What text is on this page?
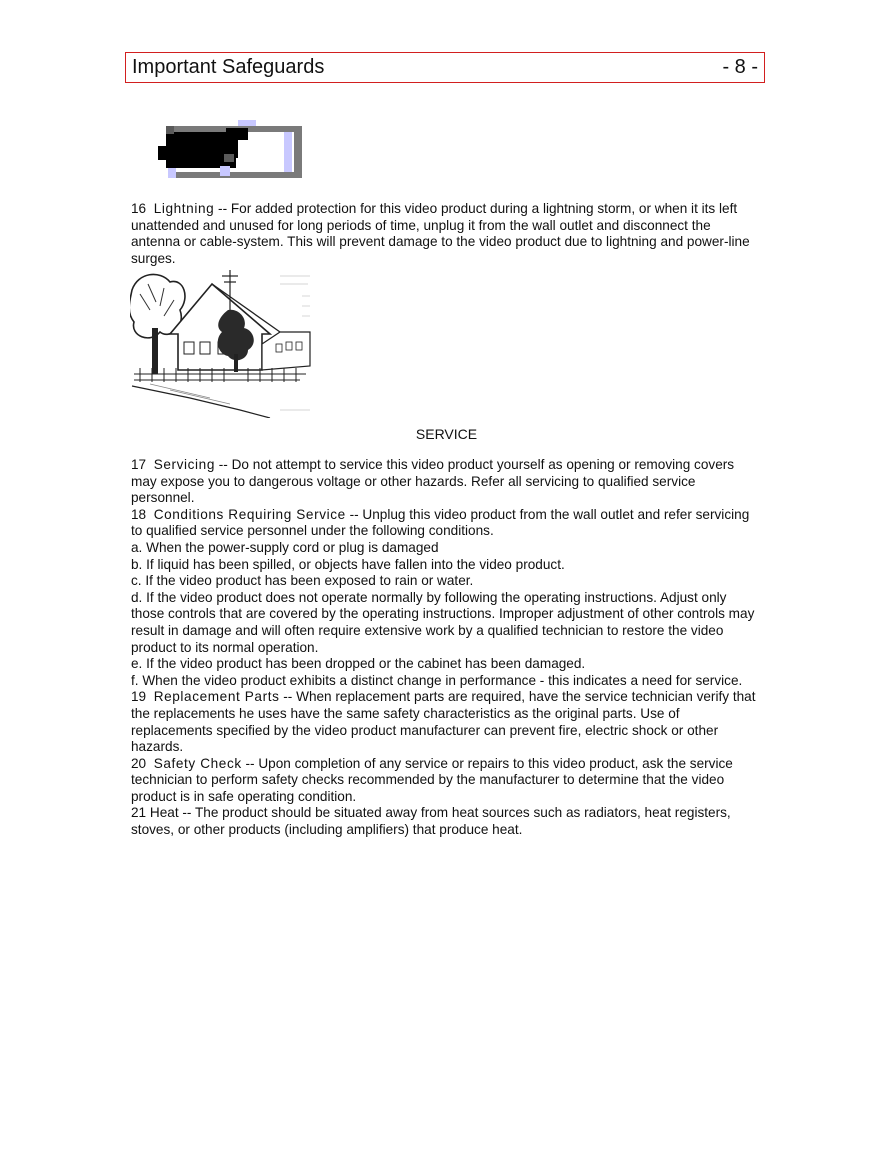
Important Safeguards	- 8 -

16 Lightning -- For added protection for this video product during a lightning storm, or when it its left unattended and unused for long periods of time, unplug it from the wall outlet and disconnect the antenna or cable-system. This will prevent damage to the video product due to lightning and power-line surges.

SERVICE

17 Servicing -- Do not attempt to service this video product yourself as opening or removing covers may expose you to dangerous voltage or other hazards. Refer all servicing to qualified service personnel.

18 Conditions Requiring Service -- Unplug this video product from the wall outlet and refer servicing to qualified service personnel under the following conditions.

a. When the power-supply cord or plug is damaged

b. If liquid has been spilled, or objects have fallen into the video product.

c. If the video product has been exposed to rain or water.

d. If the video product does not operate normally by following the operating instructions. Adjust only those controls that are covered by the operating instructions. Improper adjustment of other controls may result in damage and will often require extensive work by a qualified technician to restore the video product to its normal operation.

e. If the video product has been dropped or the cabinet has been damaged.

f. When the video product exhibits a distinct change in performance - this indicates a need for service.

19 Replacement Parts -- When replacement parts are required, have the service technician verify that the replacements he uses have the same safety characteristics as the original parts. Use of replacements specified by the video product manufacturer can prevent fire, electric shock or other hazards.

20 Safety Check -- Upon completion of any service or repairs to this video product, ask the service technician to perform safety checks recommended by the manufacturer to determine that the video product is in safe operating condition.

21 Heat -- The product should be situated away from heat sources such as radiators, heat registers, stoves, or other products (including amplifiers) that produce heat.
